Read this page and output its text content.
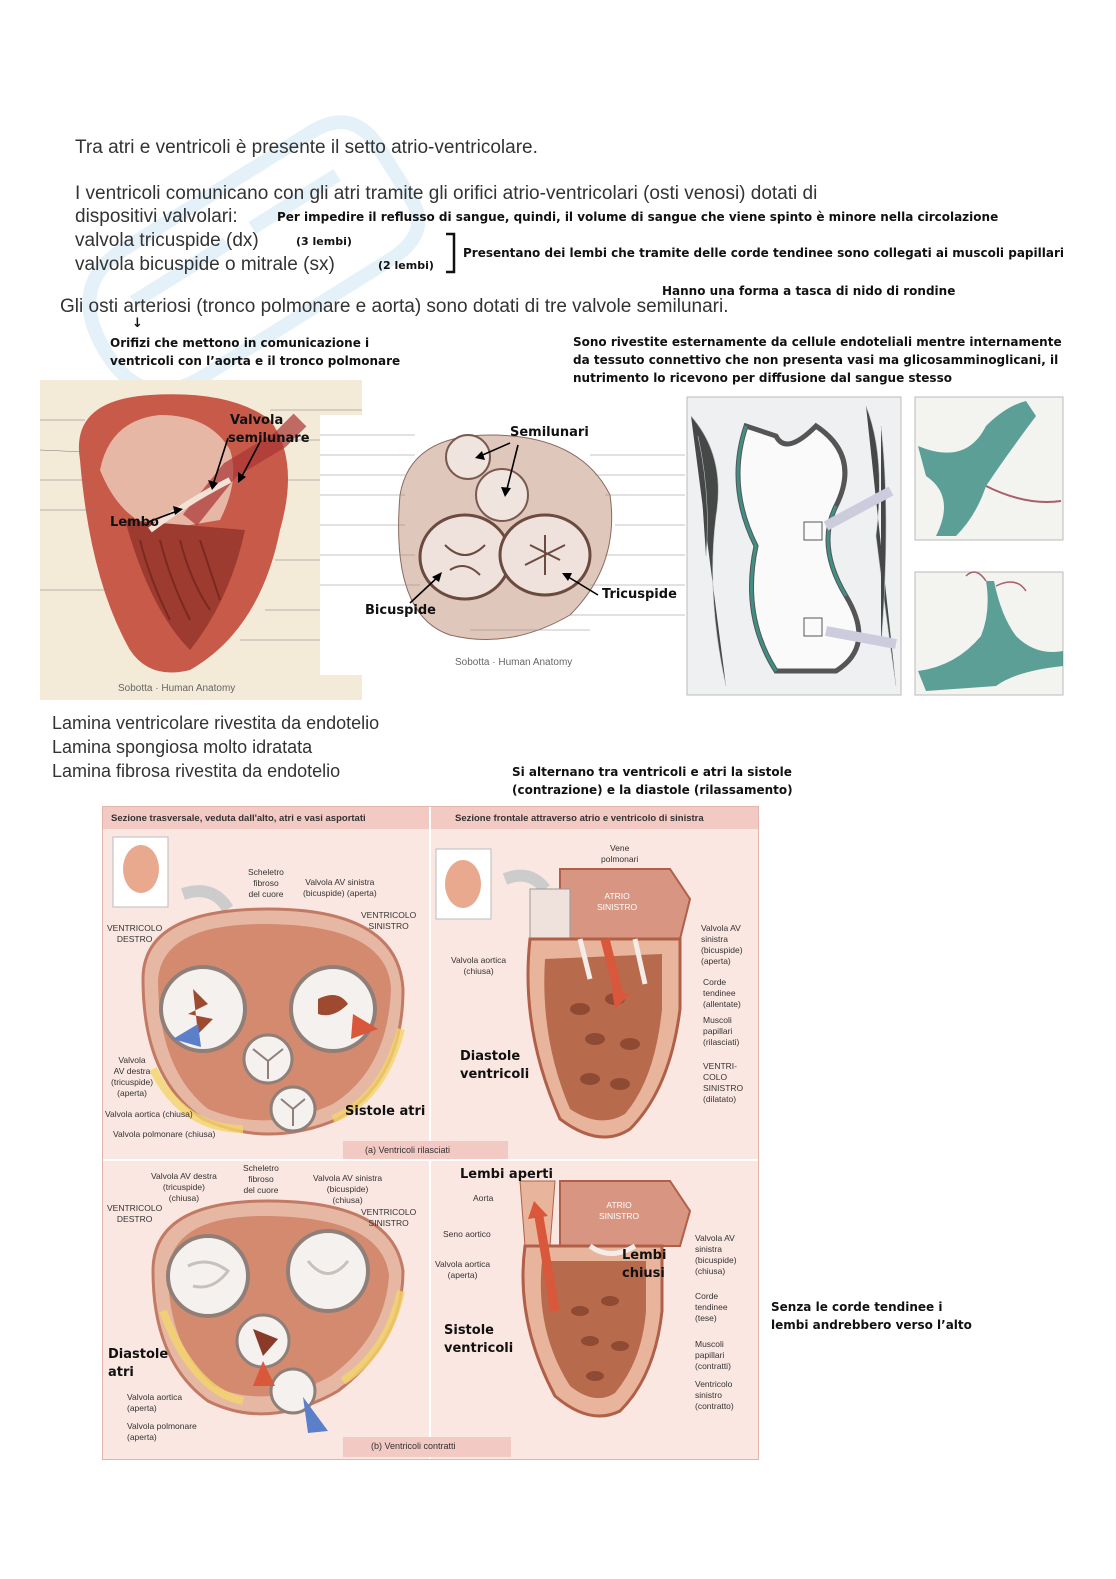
Tra atri e ventricoli è presente il setto atrio-ventricolare.
I ventricoli comunicano con gli atri tramite gli orifici atrio-ventricolari (osti venosi) dotati di
dispositivi valvolari:	Per impedire il reflusso di sangue, quindi, il volume di sangue che viene spinto è minore nella circolazione
valvola tricuspide (dx)	(3 lembi)
valvola bicuspide o mitrale (sx)	(2 lembi)
Presentano dei lembi che tramite delle corde tendinee sono collegati ai muscoli papillari
Hanno una forma a tasca di nido di rondine
Gli osti arteriosi (tronco polmonare e aorta) sono dotati di tre valvole semilunari.
↓
Orifizi che mettono in comunicazione i
ventricoli con l’aorta e il tronco polmonare
Sono rivestite esternamente da cellule endoteliali mentre internamente
da tessuto connettivo che non presenta vasi ma glicosamminoglicani, il
nutrimento lo ricevono per diffusione dal sangue stesso
Valvola
semilunare
Lembo
Sobotta · Human Anatomy
Semilunari
Bicuspide
Tricuspide
Sobotta · Human Anatomy
Lamina ventricolare rivestita da endotelio
Lamina spongiosa molto idratata
Lamina fibrosa rivestita da endotelio	Si alternano tra ventricoli e atri la sistole
(contrazione) e la diastole (rilassamento)
Sezione trasversale, veduta dall'alto, atri e vasi asportati	Sezione frontale attraverso atrio e ventricolo di sinistra
Scheletro
fibroso
del cuore
Valvola AV sinistra
(bicuspide) (aperta)
VENTRICOLO
DESTRO
VENTRICOLO
SINISTRO
Valvola
AV destra
(tricuspide)
(aperta)
Valvola aortica (chiusa)
Valvola polmonare (chiusa)
Sistole atri
Vene
polmonari
ATRIO
SINISTRO
Valvola aortica
(chiusa)
Valvola AV
sinistra
(bicuspide)
(aperta)
Corde
tendinee
(allentate)
Muscoli
papillari
(rilasciati)
VENTRI-
COLO
SINISTRO
(dilatato)
Diastole
ventricoli
(a) Ventricoli rilasciati
Valvola AV destra
(tricuspide)
(chiusa)
Scheletro
fibroso
del cuore
Valvola AV sinistra
(bicuspide)
(chiusa)
VENTRICOLO
DESTRO
VENTRICOLO
SINISTRO
Valvola aortica
(aperta)
Valvola polmonare
(aperta)
Diastole
atri
Aorta
Seno aortico
Valvola aortica
(aperta)
ATRIO
SINISTRO
Valvola AV
sinistra
(bicuspide)
(chiusa)
Corde
tendinee
(tese)
Muscoli
papillari
(contratti)
Ventricolo
sinistro
(contratto)
Lembi aperti
Lembi
chiusi
Sistole
ventricoli
(b) Ventricoli contratti
Senza le corde tendinee i
lembi andrebbero verso l’alto
